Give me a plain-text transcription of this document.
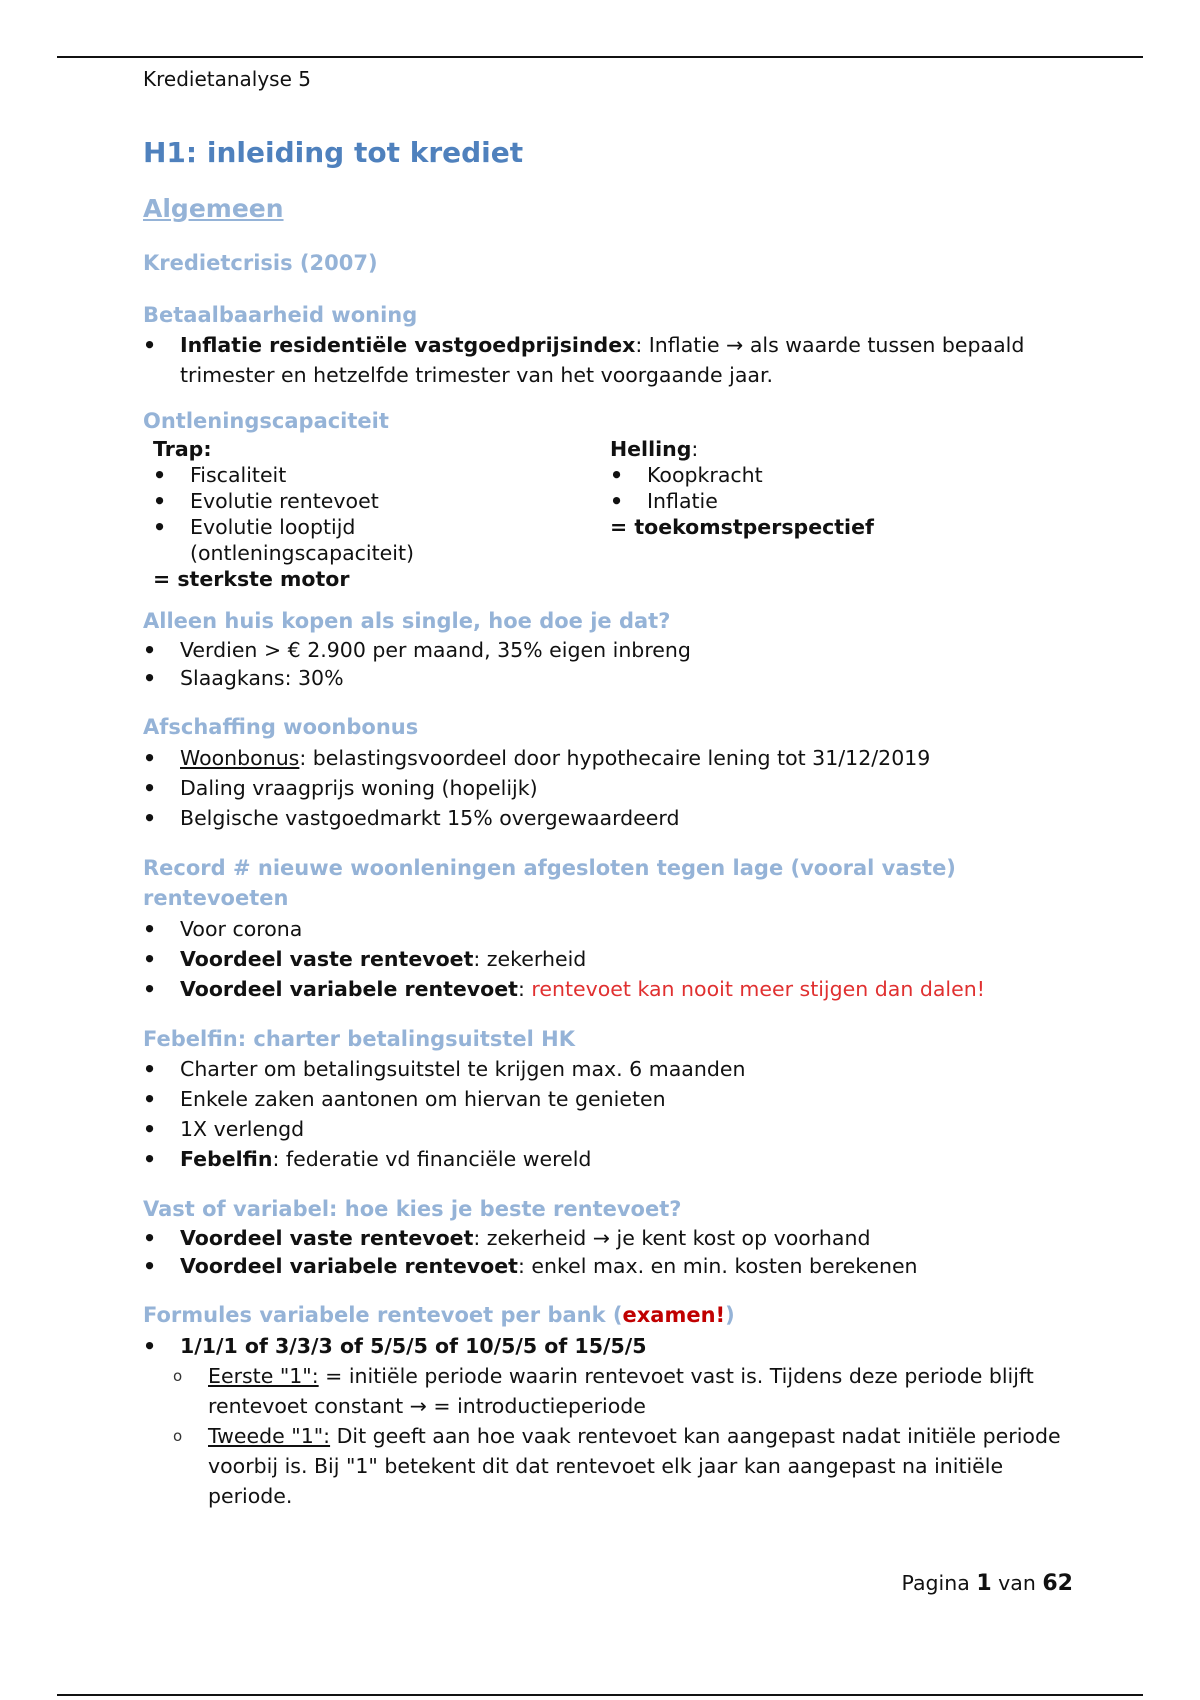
Kredietanalyse 5

H1: inleiding tot krediet
Algemeen
Kredietcrisis (2007)
Betaalbaarheid woning
• Inflatie residentiële vastgoedprijsindex: Inflatie → als waarde tussen bepaald trimester en hetzelfde trimester van het voorgaande jaar.
Ontleningscapaciteit
Trap:
• Fiscaliteit
• Evolutie rentevoet
• Evolutie looptijd (ontleningscapaciteit)
= sterkste motor
Helling:
• Koopkracht
• Inflatie
= toekomstperspectief
Alleen huis kopen als single, hoe doe je dat?
• Verdien > € 2.900 per maand, 35% eigen inbreng
• Slaagkans: 30%
Afschaffing woonbonus
• Woonbonus: belastingsvoordeel door hypothecaire lening tot 31/12/2019
• Daling vraagprijs woning (hopelijk)
• Belgische vastgoedmarkt 15% overgewaardeerd
Record # nieuwe woonleningen afgesloten tegen lage (vooral vaste) rentevoeten
• Voor corona
• Voordeel vaste rentevoet: zekerheid
• Voordeel variabele rentevoet: rentevoet kan nooit meer stijgen dan dalen!
Febelfin: charter betalingsuitstel HK
• Charter om betalingsuitstel te krijgen max. 6 maanden
• Enkele zaken aantonen om hiervan te genieten
• 1X verlengd
• Febelfin: federatie vd financiële wereld
Vast of variabel: hoe kies je beste rentevoet?
• Voordeel vaste rentevoet: zekerheid → je kent kost op voorhand
• Voordeel variabele rentevoet: enkel max. en min. kosten berekenen
Formules variabele rentevoet per bank (examen!)
• 1/1/1 of 3/3/3 of 5/5/5 of 10/5/5 of 15/5/5
o Eerste "1": = initiële periode waarin rentevoet vast is. Tijdens deze periode blijft rentevoet constant → = introductieperiode
o Tweede "1": Dit geeft aan hoe vaak rentevoet kan aangepast nadat initiële periode voorbij is. Bij "1" betekent dit dat rentevoet elk jaar kan aangepast na initiële periode.
Pagina 1 van 62
